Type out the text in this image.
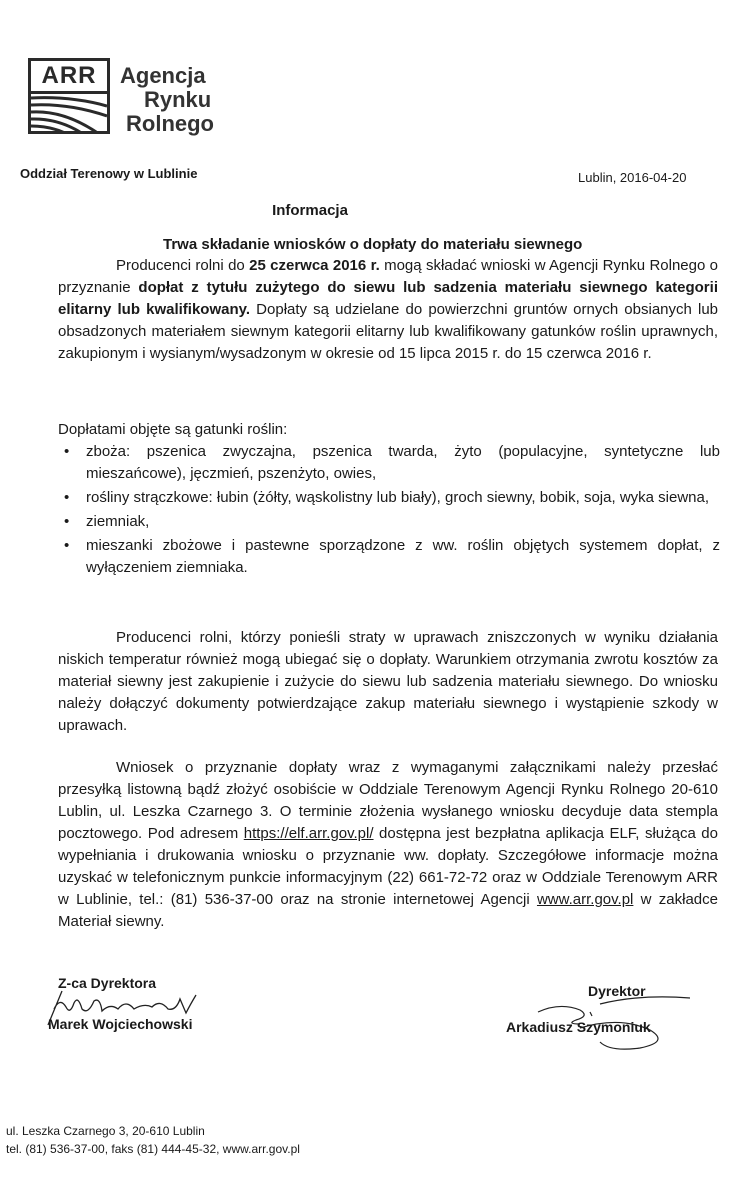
ARR	Agencja
Rynku
Rolnego
Oddział Terenowy w Lublinie	Lublin, 2016-04-20
Informacja
Trwa składanie wniosków o dopłaty do materiału siewnego
Producenci rolni do 25 czerwca 2016 r. mogą składać wnioski w Agencji Rynku Rolnego o przyznanie dopłat z tytułu zużytego do siewu lub sadzenia materiału siewnego kategorii elitarny lub kwalifikowany. Dopłaty są udzielane do powierzchni gruntów ornych obsianych lub obsadzonych materiałem siewnym kategorii elitarny lub kwalifikowany gatunków roślin uprawnych, zakupionym i wysianym/wysadzonym w okresie od 15 lipca 2015 r. do 15 czerwca 2016 r.
Dopłatami objęte są gatunki roślin:
• zboża: pszenica zwyczajna, pszenica twarda, żyto (populacyjne, syntetyczne lub mieszańcowe), jęczmień, pszenżyto, owies,
• rośliny strączkowe: łubin (żółty, wąskolistny lub biały), groch siewny, bobik, soja, wyka siewna,
• ziemniak,
• mieszanki zbożowe i pastewne sporządzone z ww. roślin objętych systemem dopłat, z wyłączeniem ziemniaka.
Producenci rolni, którzy ponieśli straty w uprawach zniszczonych w wyniku działania niskich temperatur również mogą ubiegać się o dopłaty. Warunkiem otrzymania zwrotu kosztów za materiał siewny jest zakupienie i zużycie do siewu lub sadzenia materiału siewnego. Do wniosku należy dołączyć dokumenty potwierdzające zakup materiału siewnego i wystąpienie szkody w uprawach.
Wniosek o przyznanie dopłaty wraz z wymaganymi załącznikami należy przesłać przesyłką listowną bądź złożyć osobiście w Oddziale Terenowym Agencji Rynku Rolnego 20-610 Lublin, ul. Leszka Czarnego 3. O terminie złożenia wysłanego wniosku decyduje data stempla pocztowego. Pod adresem https://elf.arr.gov.pl/ dostępna jest bezpłatna aplikacja ELF, służąca do wypełniania i drukowania wniosku o przyznanie ww. dopłaty. Szczegółowe informacje można uzyskać w telefonicznym punkcie informacyjnym (22) 661-72-72 oraz w Oddziale Terenowym ARR w Lublinie, tel.: (81) 536-37-00 oraz na stronie internetowej Agencji www.arr.gov.pl w zakładce Materiał siewny.
Z-ca Dyrektora
Marek Wojciechowski
Dyrektor
Arkadiusz Szymoniuk
ul. Leszka Czarnego 3, 20-610 Lublin
tel. (81) 536-37-00, faks (81) 444-45-32, www.arr.gov.pl
